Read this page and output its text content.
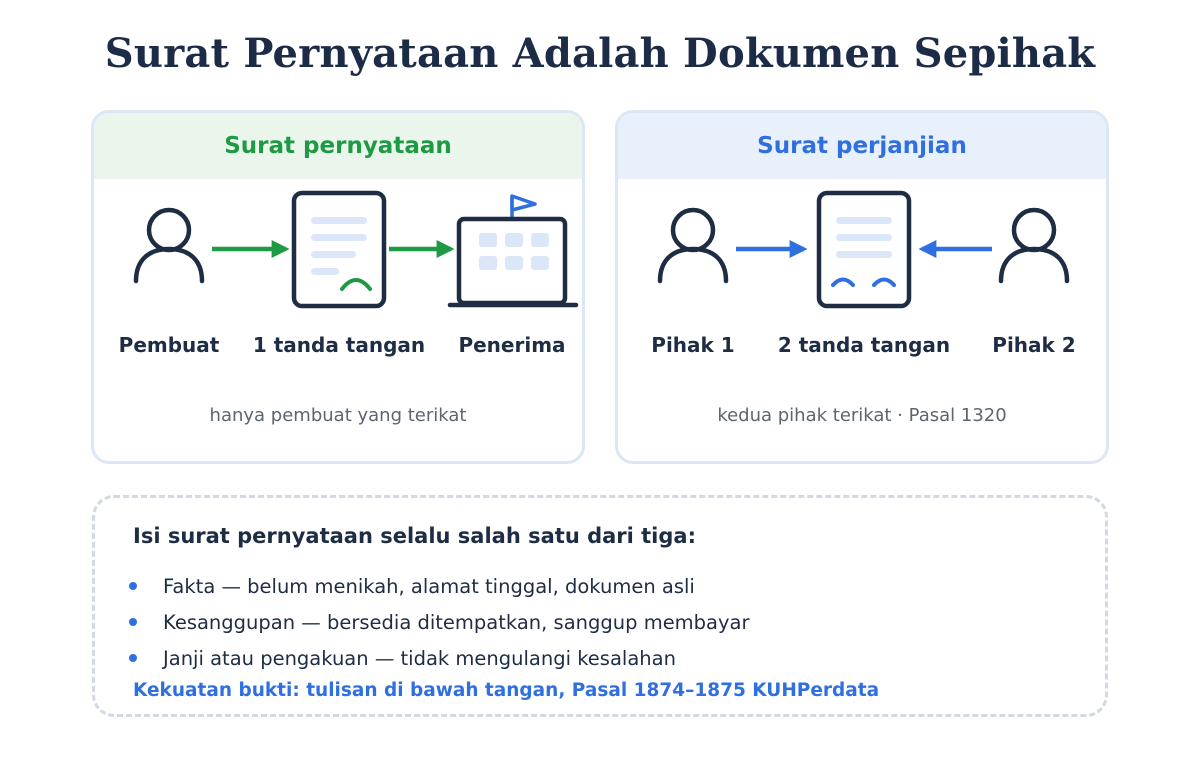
Surat Pernyataan Adalah Dokumen Sepihak
Surat pernyataan
Pembuat 1 tanda tangan Penerima
hanya pembuat yang terikat
Surat perjanjian
Pihak 1 2 tanda tangan Pihak 2
kedua pihak terikat · Pasal 1320
Isi surat pernyataan selalu salah satu dari tiga:
Fakta — belum menikah, alamat tinggal, dokumen asli
Kesanggupan — bersedia ditempatkan, sanggup membayar
Janji atau pengakuan — tidak mengulangi kesalahan
Kekuatan bukti: tulisan di bawah tangan, Pasal 1874–1875 KUHPerdata
